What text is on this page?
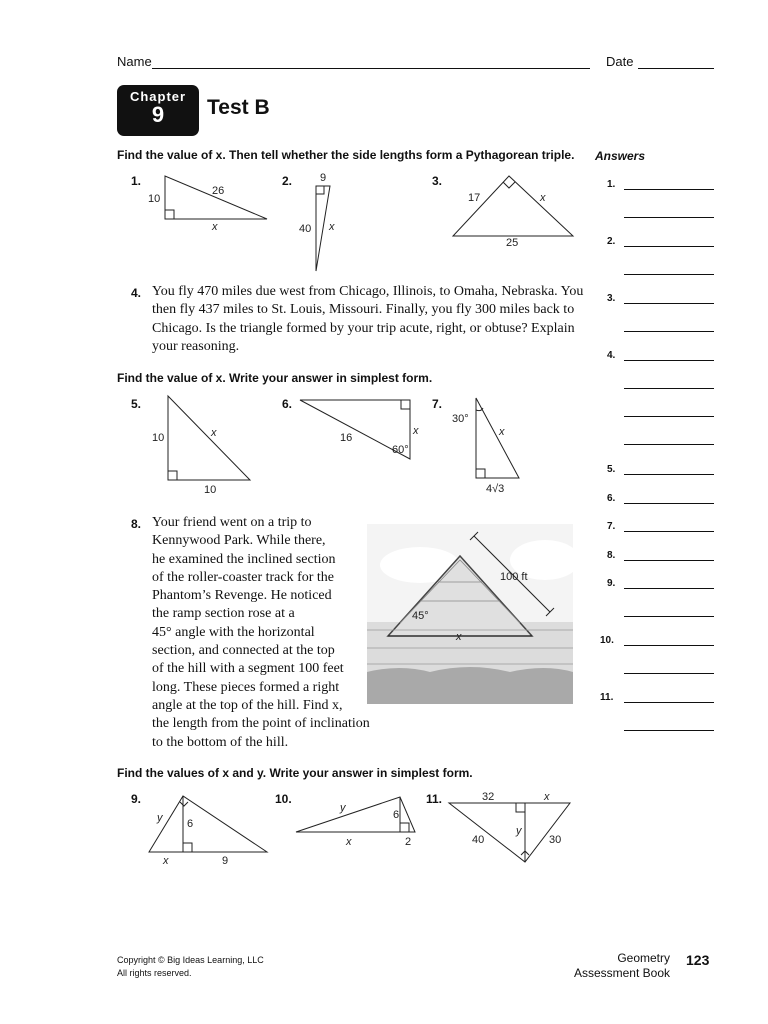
Name	Date
Chapter
9	Test B
Find the value of x. Then tell whether the side lengths form a Pythagorean triple. Answers
1.
10
26
x
9
40 x
17	x
25
10	x
10
16
x
60°
30°
x
4√3
100 ft
45°
x
y 6
x	9
y
6
x	2
32	x
40
y
30
2.	3.
4. You fly 470 miles due west from Chicago, Illinois, to Omaha, Nebraska. You
then fly 437 miles to St. Louis, Missouri. Finally, you fly 300 miles back to
Chicago. Is the triangle formed by your trip acute, right, or obtuse? Explain
your reasoning.
Find the value of x. Write your answer in simplest form.
5.	6.	7.
8. Your friend went on a trip to
Kennywood Park. While there,
he examined the inclined section
of the roller-coaster track for the
Phantom’s Revenge. He noticed
the ramp section rose at a
45° angle with the horizontal
section, and connected at the top
of the hill with a segment 100 feet
long. These pieces formed a right
angle at the top of the hill. Find x,
the length from the point of inclination
to the bottom of the hill.
Find the values of x and y. Write your answer in simplest form.
9.	10.	11.
1.
2.
3.
4.
5.
6.
7.
8.
9.
10.
11.
Copyright © Big Ideas Learning, LLC
All rights reserved.
Geometry
Assessment Book
123
